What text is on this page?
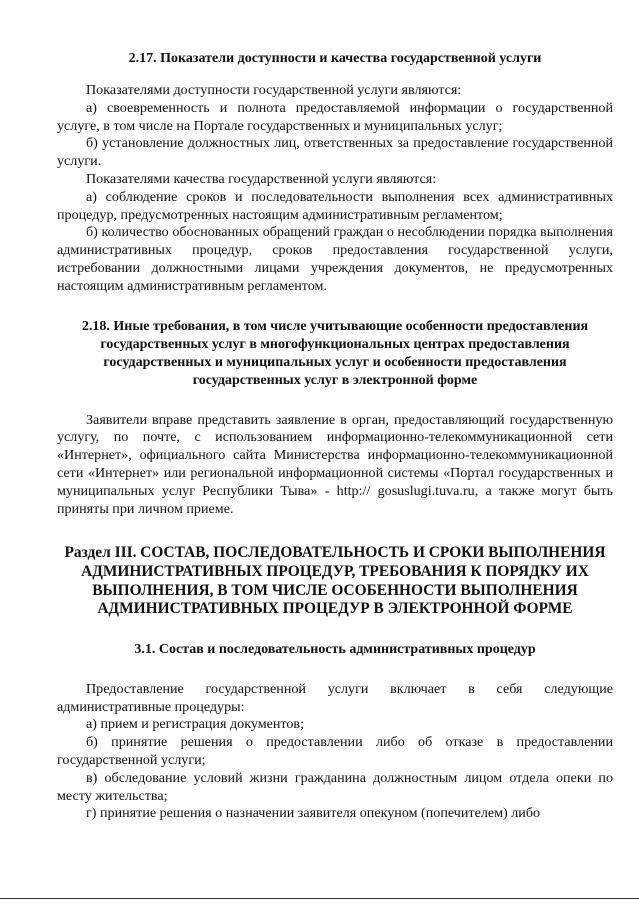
2.17. Показатели доступности и качества государственной услуги

Показателями доступности государственной услуги являются:

а) своевременность и полнота предоставляемой информации о государственной услуге, в том числе на Портале государственных и муниципальных услуг;

б) установление должностных лиц, ответственных за предоставление государственной услуги.

Показателями качества государственной услуги являются:

а) соблюдение сроков и последовательности выполнения всех административных процедур, предусмотренных настоящим административным регламентом;

б) количество обоснованных обращений граждан о несоблюдении порядка выполнения административных процедур, сроков предоставления государственной услуги, истребовании должностными лицами учреждения документов, не предусмотренных настоящим административным регламентом.

2.18. Иные требования, в том числе учитывающие особенности предоставления государственных услуг в многофункциональных центрах предоставления государственных и муниципальных услуг и особенности предоставления государственных услуг в электронной форме

Заявители вправе представить заявление в орган, предоставляющий государственную услугу, по почте, с использованием информационно-телекоммуникационной сети «Интернет», официального сайта Министерства информационно-телекоммуникационной сети «Интернет» или региональной информационной системы «Портал государственных и муниципальных услуг Республики Тыва» - http:// gosuslugi.tuva.ru, а также могут быть приняты при личном приеме.

Раздел III. СОСТАВ, ПОСЛЕДОВАТЕЛЬНОСТЬ И СРОКИ ВЫПОЛНЕНИЯ АДМИНИСТРАТИВНЫХ ПРОЦЕДУР, ТРЕБОВАНИЯ К ПОРЯДКУ ИХ ВЫПОЛНЕНИЯ, В ТОМ ЧИСЛЕ ОСОБЕННОСТИ ВЫПОЛНЕНИЯ АДМИНИСТРАТИВНЫХ ПРОЦЕДУР В ЭЛЕКТРОННОЙ ФОРМЕ

3.1. Состав и последовательность административных процедур

Предоставление государственной услуги включает в себя следующие административные процедуры:

а) прием и регистрация документов;

б) принятие решения о предоставлении либо об отказе в предоставлении государственной услуги;

в) обследование условий жизни гражданина должностным лицом отдела опеки по месту жительства;

г) принятие решения о назначении заявителя опекуном (попечителем) либо
